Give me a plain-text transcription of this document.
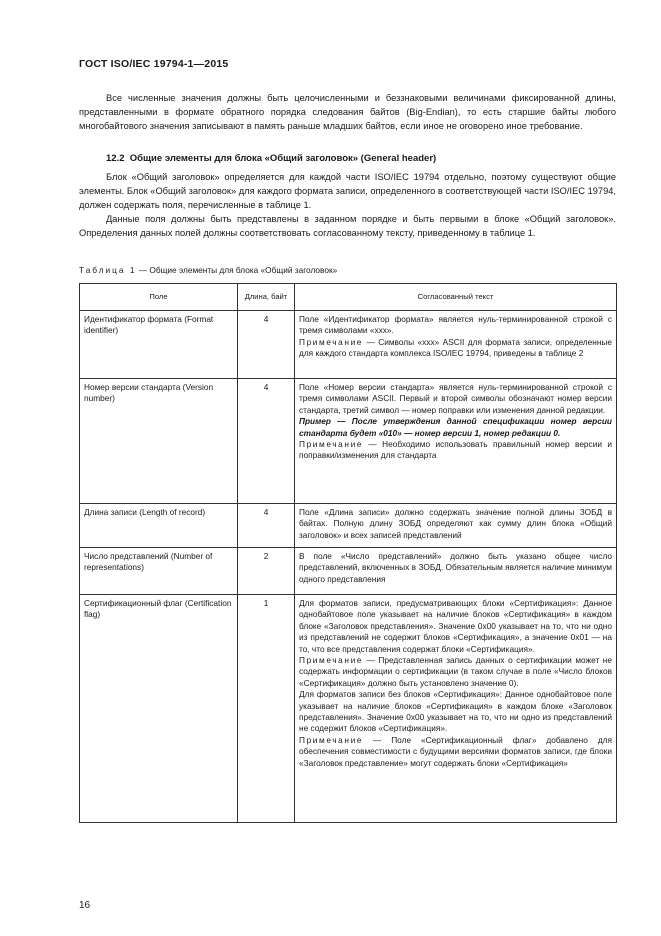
ГОСТ ISO/IEC 19794-1—2015
Все численные значения должны быть целочисленными и беззнаковыми величинами фиксированной длины, представленными в формате обратного порядка следования байтов (Big-Endian), то есть старшие байты любого многобайтового значения записывают в память раньше младших байтов, если иное не оговорено иное требование.
12.2 Общие элементы для блока «Общий заголовок» (General header)
Блок «Общий заголовок» определяется для каждой части ISO/IEC 19794 отдельно, поэтому существуют общие элементы. Блок «Общий заголовок» для каждого формата записи, определенного в соответствующей части ISO/IEC 19794, должен содержать поля, перечисленные в таблице 1.
Данные поля должны быть представлены в заданном порядке и быть первыми в блоке «Общий заголовок». Определения данных полей должны соответствовать согласованному тексту, приведенному в таблице 1.
Таблица 1 — Общие элементы для блока «Общий заголовок»
Поле	Длина, байт	Согласованный текст
Идентификатор формата (Format identifier)	4	Поле «Идентификатор формата» является нуль-терминированной строкой с тремя символами «ххх».
Примечание — Символы «ххх» ASCII для формата записи, определенные для каждого стандарта комплекса ISO/IEC 19794, приведены в таблице 2
Номер версии стандарта (Version number)	4	Поле «Номер версии стандарта» является нуль-терминированной строкой с тремя символами ASCII. Первый и второй символы обозначают номер версии стандарта, третий символ — номер поправки или изменения данной редакции.
Пример — После утверждения данной спецификации номер версии стандарта будет «010» — номер версии 1, номер редакции 0.
Примечание — Необходимо использовать правильный номер версии и поправки/изменения для стандарта
Длина записи (Length of record)	4	Поле «Длина записи» должно содержать значение полной длины ЗОБД в байтах. Полную длину ЗОБД определяют как сумму длин блока «Общий заголовок» и всех записей представлений
Число представлений (Number of representations)	2	В поле «Число представлений» должно быть указано общее число представлений, включенных в ЗОБД. Обязательным является наличие минимум одного представления
Сертификационный флаг (Certification flag)	1	Для форматов записи, предусматривающих блоки «Сертификация»: Данное однобайтовое поле указывает на наличие блоков «Сертификация» в каждом блоке «Заголовок представления». Значение 0х00 указывает на то, что ни одно из представлений не содержит блоков «Сертификация», а значение 0х01 — на то, что все представления содержат блоки «Сертификация».
Примечание — Представленная запись данных о сертификации может не содержать информации о сертификации (в таком случае в поле «Число блоков «Сертификация» должно быть установлено значение 0).
Для форматов записи без блоков «Сертификация»: Данное однобайтовое поле указывает на наличие блоков «Сертификация» в каждом блоке «Заголовок представления». Значение 0х00 указывает на то, что ни одно из представлений не содержит блоков «Сертификация».
Примечание — Поле «Сертификационный флаг» добавлено для обеспечения совместимости с будущими версиями форматов записи, где блоки «Заголовок представление» могут содержать блоки «Сертификация»
16
